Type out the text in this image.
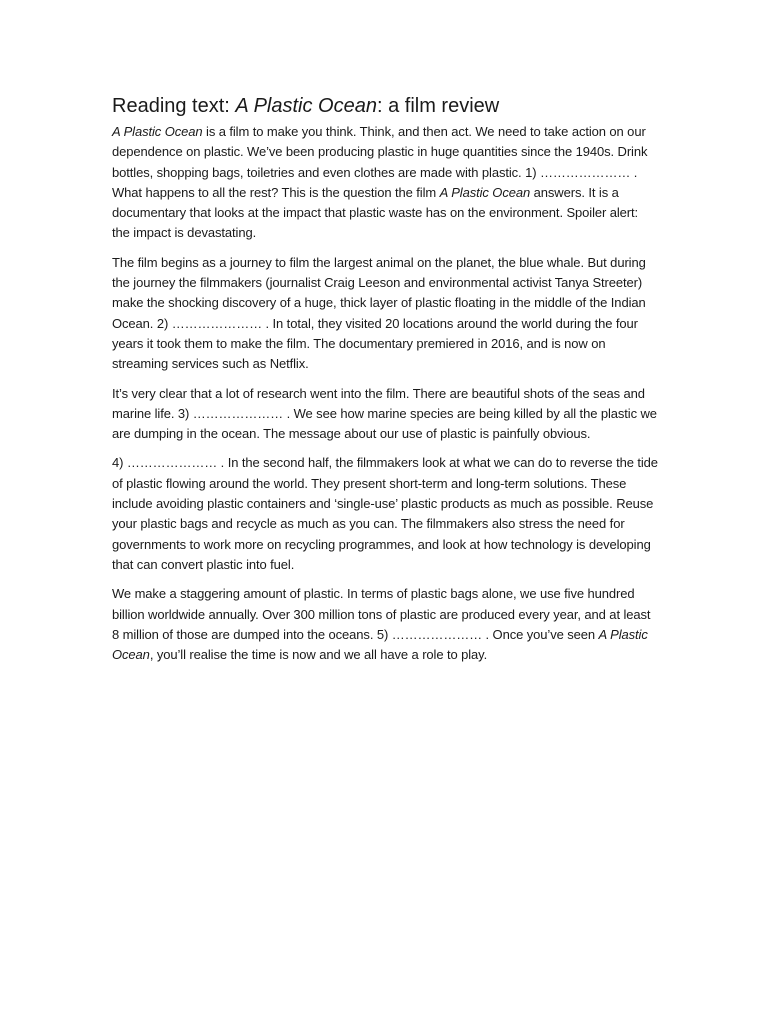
Reading text: A Plastic Ocean: a film review

A Plastic Ocean is a film to make you think. Think, and then act. We need to take action on our dependence on plastic. We’ve been producing plastic in huge quantities since the 1940s. Drink bottles, shopping bags, toiletries and even clothes are made with plastic. 1) ………………… . What happens to all the rest? This is the question the film A Plastic Ocean answers. It is a documentary that looks at the impact that plastic waste has on the environment. Spoiler alert: the impact is devastating.

The film begins as a journey to film the largest animal on the planet, the blue whale. But during the journey the filmmakers (journalist Craig Leeson and environmental activist Tanya Streeter) make the shocking discovery of a huge, thick layer of plastic floating in the middle of the Indian Ocean. 2) ………………… . In total, they visited 20 locations around the world during the four years it took them to make the film. The documentary premiered in 2016, and is now on streaming services such as Netflix.

It’s very clear that a lot of research went into the film. There are beautiful shots of the seas and marine life. 3) ………………… . We see how marine species are being killed by all the plastic we are dumping in the ocean. The message about our use of plastic is painfully obvious.

4) ………………… . In the second half, the filmmakers look at what we can do to reverse the tide of plastic flowing around the world. They present short-term and long-term solutions. These include avoiding plastic containers and ‘single-use’ plastic products as much as possible. Reuse your plastic bags and recycle as much as you can. The filmmakers also stress the need for governments to work more on recycling programmes, and look at how technology is developing that can convert plastic into fuel.

We make a staggering amount of plastic. In terms of plastic bags alone, we use five hundred billion worldwide annually. Over 300 million tons of plastic are produced every year, and at least 8 million of those are dumped into the oceans. 5) ………………… . Once you’ve seen A Plastic Ocean, you’ll realise the time is now and we all have a role to play.
